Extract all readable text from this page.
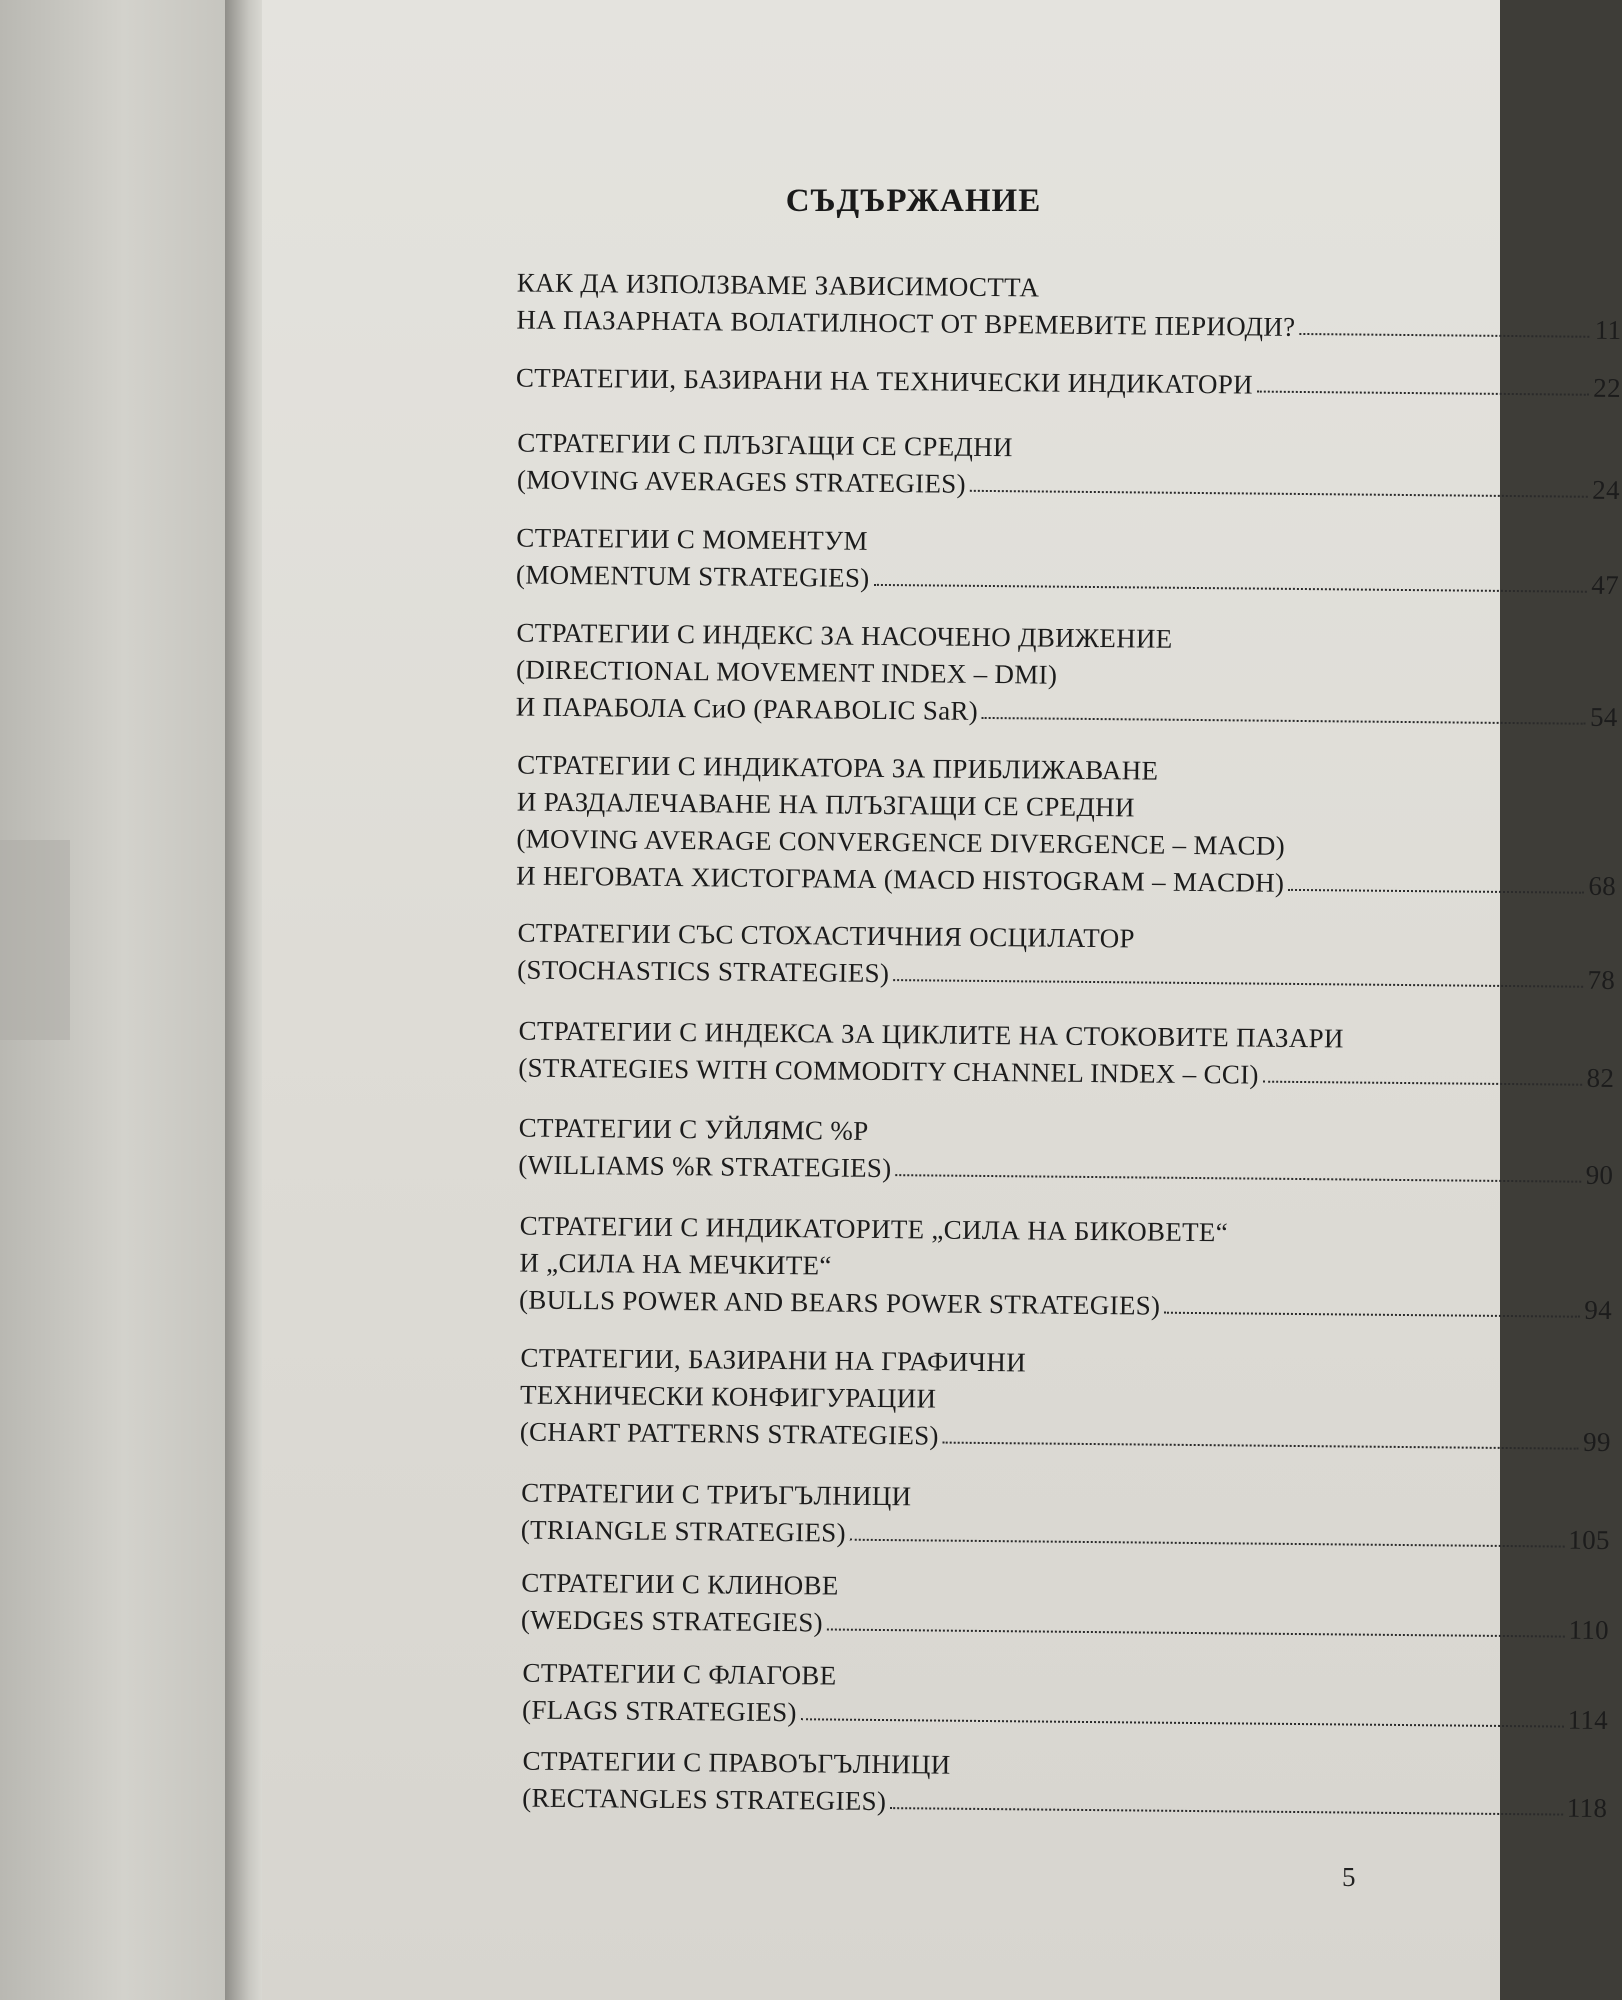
СЪДЪРЖАНИЕ
КАК ДА ИЗПОЛЗВАМЕ ЗАВИСИМОСТТА
НА ПАЗАРНАТА ВОЛАТИЛНОСТ ОТ ВРЕМЕВИТЕ ПЕРИОДИ?	11
СТРАТЕГИИ, БАЗИРАНИ НА ТЕХНИЧЕСКИ ИНДИКАТОРИ	22
СТРАТЕГИИ С ПЛЪЗГАЩИ СЕ СРЕДНИ
(MOVING AVERAGES STRATEGIES)	24
СТРАТЕГИИ С МОМЕНТУМ
(MOMENTUM STRATEGIES)	47
СТРАТЕГИИ С ИНДЕКС ЗА НАСОЧЕНО ДВИЖЕНИЕ
(DIRECTIONAL MOVEMENT INDEX – DMI)
И ПАРАБОЛА СиО (PARABOLIC SaR)	54
СТРАТЕГИИ С ИНДИКАТОРА ЗА ПРИБЛИЖАВАНЕ
И РАЗДАЛЕЧАВАНЕ НА ПЛЪЗГАЩИ СЕ СРЕДНИ
(MOVING AVERAGE CONVERGENCE DIVERGENCE – MACD)
И НЕГОВАТА ХИСТОГРАМА (MACD HISTOGRAM – MACDH)	68
СТРАТЕГИИ СЪС СТОХАСТИЧНИЯ ОСЦИЛАТОР
(STOCHASTICS STRATEGIES)	78
СТРАТЕГИИ С ИНДЕКСА ЗА ЦИКЛИТЕ НА СТОКОВИТЕ ПАЗАРИ
(STRATEGIES WITH COMMODITY CHANNEL INDEX – CCI)	82
СТРАТЕГИИ С УЙЛЯМС %Р
(WILLIAMS %R STRATEGIES)	90
СТРАТЕГИИ С ИНДИКАТОРИТЕ „СИЛА НА БИКОВЕТЕ“
И „СИЛА НА МЕЧКИТЕ“
(BULLS POWER AND BEARS POWER STRATEGIES)	94
СТРАТЕГИИ, БАЗИРАНИ НА ГРАФИЧНИ
ТЕХНИЧЕСКИ КОНФИГУРАЦИИ
(CHART PATTERNS STRATEGIES)	99
СТРАТЕГИИ С ТРИЪГЪЛНИЦИ
(TRIANGLE STRATEGIES)	105
СТРАТЕГИИ С КЛИНОВЕ
(WEDGES STRATEGIES)	110
СТРАТЕГИИ С ФЛАГОВЕ
(FLAGS STRATEGIES)	114
СТРАТЕГИИ С ПРАВОЪГЪЛНИЦИ
(RECTANGLES STRATEGIES)	118
5
